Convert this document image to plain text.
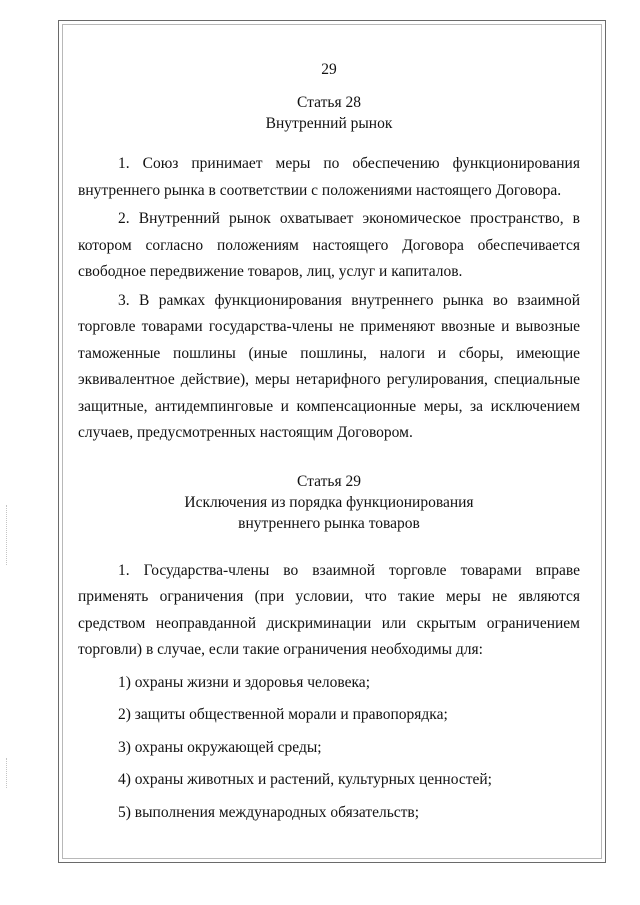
29
Статья 28
Внутренний рынок

1. Союз принимает меры по обеспечению функционирования внутреннего рынка в соответствии с положениями настоящего Договора.

2. Внутренний рынок охватывает экономическое пространство, в котором согласно положениям настоящего Договора обеспечивается свободное передвижение товаров, лиц, услуг и капиталов.

3. В рамках функционирования внутреннего рынка во взаимной торговле товарами государства-члены не применяют ввозные и вывозные таможенные пошлины (иные пошлины, налоги и сборы, имеющие эквивалентное действие), меры нетарифного регулирования, специальные защитные, антидемпинговые и компенсационные меры, за исключением случаев, предусмотренных настоящим Договором.

Статья 29
Исключения из порядка функционирования
внутреннего рынка товаров

1. Государства-члены во взаимной торговле товарами вправе применять ограничения (при условии, что такие меры не являются средством неоправданной дискриминации или скрытым ограничением торговли) в случае, если такие ограничения необходимы для:

1) охраны жизни и здоровья человека;
2) защиты общественной морали и правопорядка;
3) охраны окружающей среды;
4) охраны животных и растений, культурных ценностей;
5) выполнения международных обязательств;
